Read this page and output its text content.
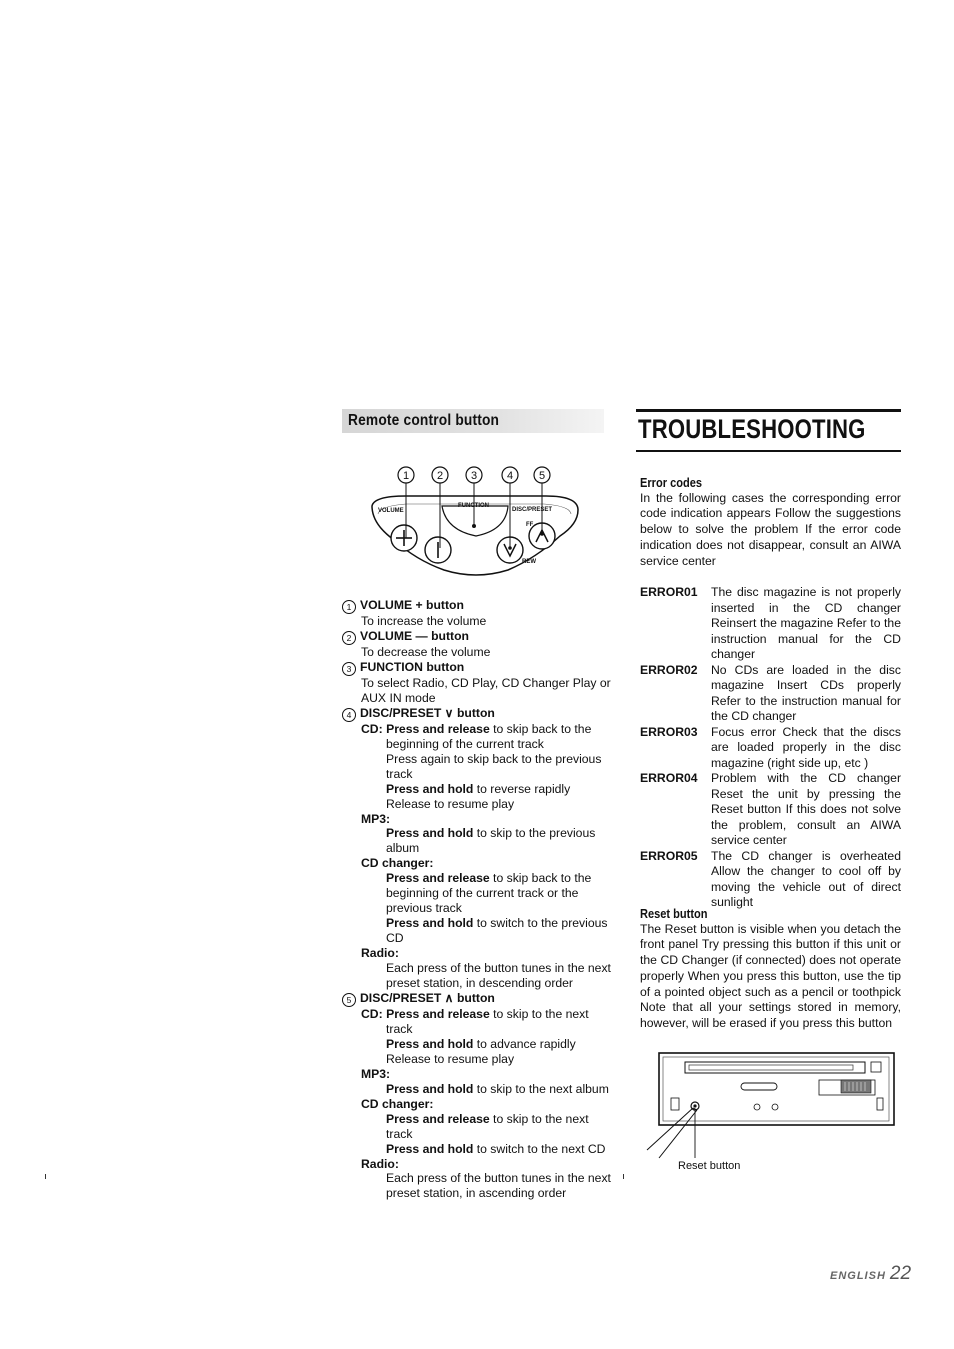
Remote control button
1	2	3	4 5
VOLUME
FUNCTION
DISC/PRESET
FF
REW

1 VOLUME + button

To increase the volume

2 VOLUME — button

To decrease the volume

3 FUNCTION button

To select Radio, CD Play, CD Changer Play or AUX IN mode

4 DISC/PRESET ∨ button

CD: Press and release to skip back to the beginning of the current track

Press again to skip back to the previous track

Press and hold to reverse rapidly

Release to resume play

MP3:

Press and hold to skip to the previous album

CD changer:

Press and release to skip back to the beginning of the current track or the previous track

Press and hold to switch to the previous CD

Radio:

Each press of the button tunes in the next preset station, in descending order

5 DISC/PRESET ∧ button

CD: Press and release to skip to the next track

Press and hold to advance rapidly

Release to resume play

MP3:

Press and hold to skip to the next album

CD changer:

Press and release to skip to the next track

Press and hold to switch to the next CD

Radio:

Each press of the button tunes in the next preset station, in ascending order

TROUBLESHOOTING
Error codes

In the following cases the corresponding error code indication appears Follow the suggestions below to solve the problem If the error code indication does not disappear, consult an AIWA service center

ERROR01	The disc magazine is not properly inserted in the CD changer Reinsert the magazine Refer to the instruction manual for the CD changer
ERROR02	No CDs are loaded in the disc magazine Insert CDs properly Refer to the instruction manual for the CD changer
ERROR03	Focus error Check that the discs are loaded properly in the disc magazine (right side up, etc )
ERROR04	Problem with the CD changer Reset the unit by pressing the Reset button If this does not solve the problem, consult an AIWA service center
ERROR05	The CD changer is overheated Allow the changer to cool off by moving the vehicle out of direct sunlight
Reset button

The Reset button is visible when you detach the front panel Try pressing this button if this unit or the CD Changer (if connected) does not operate properly When you press this button, use the tip of a pointed object such as a pencil or toothpick Note that all your settings stored in memory, however, will be erased if you press this button

Reset button
ENGLISH 22
